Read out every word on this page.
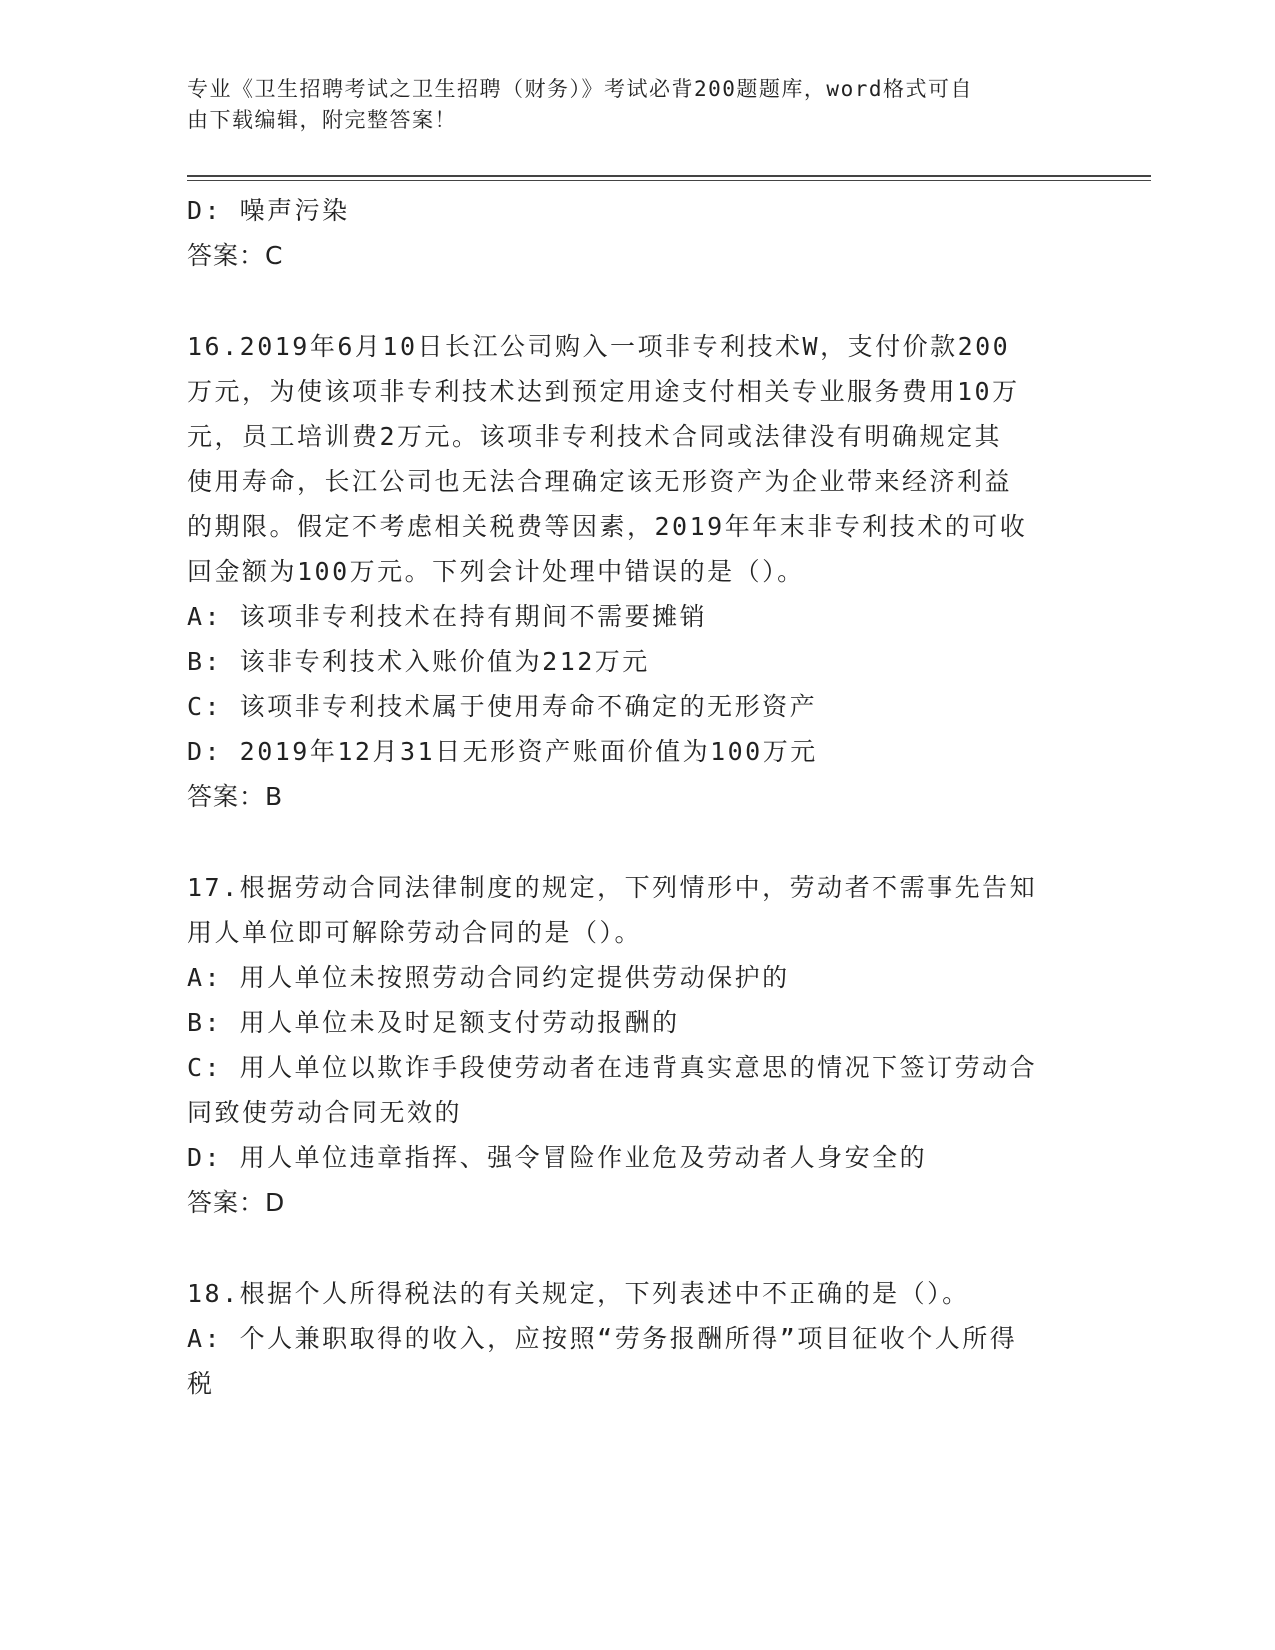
专业《卫生招聘考试之卫生招聘（财务）》考试必背200题题库，word格式可自
由下载编辑，附完整答案！
D: 噪声污染
答案：C
16.2019年6月10日长江公司购入一项非专利技术W，支付价款200
万元，为使该项非专利技术达到预定用途支付相关专业服务费用10万
元，员工培训费2万元。该项非专利技术合同或法律没有明确规定其
使用寿命，长江公司也无法合理确定该无形资产为企业带来经济利益
的期限。假定不考虑相关税费等因素，2019年年末非专利技术的可收
回金额为100万元。下列会计处理中错误的是（）。
A: 该项非专利技术在持有期间不需要摊销
B: 该非专利技术入账价值为212万元
C: 该项非专利技术属于使用寿命不确定的无形资产
D: 2019年12月31日无形资产账面价值为100万元
答案：B
17.根据劳动合同法律制度的规定，下列情形中，劳动者不需事先告知
用人单位即可解除劳动合同的是（）。
A: 用人单位未按照劳动合同约定提供劳动保护的
B: 用人单位未及时足额支付劳动报酬的
C: 用人单位以欺诈手段使劳动者在违背真实意思的情况下签订劳动合
同致使劳动合同无效的
D: 用人单位违章指挥、强令冒险作业危及劳动者人身安全的
答案：D
18.根据个人所得税法的有关规定，下列表述中不正确的是（）。
A: 个人兼职取得的收入，应按照“劳务报酬所得”项目征收个人所得
税
